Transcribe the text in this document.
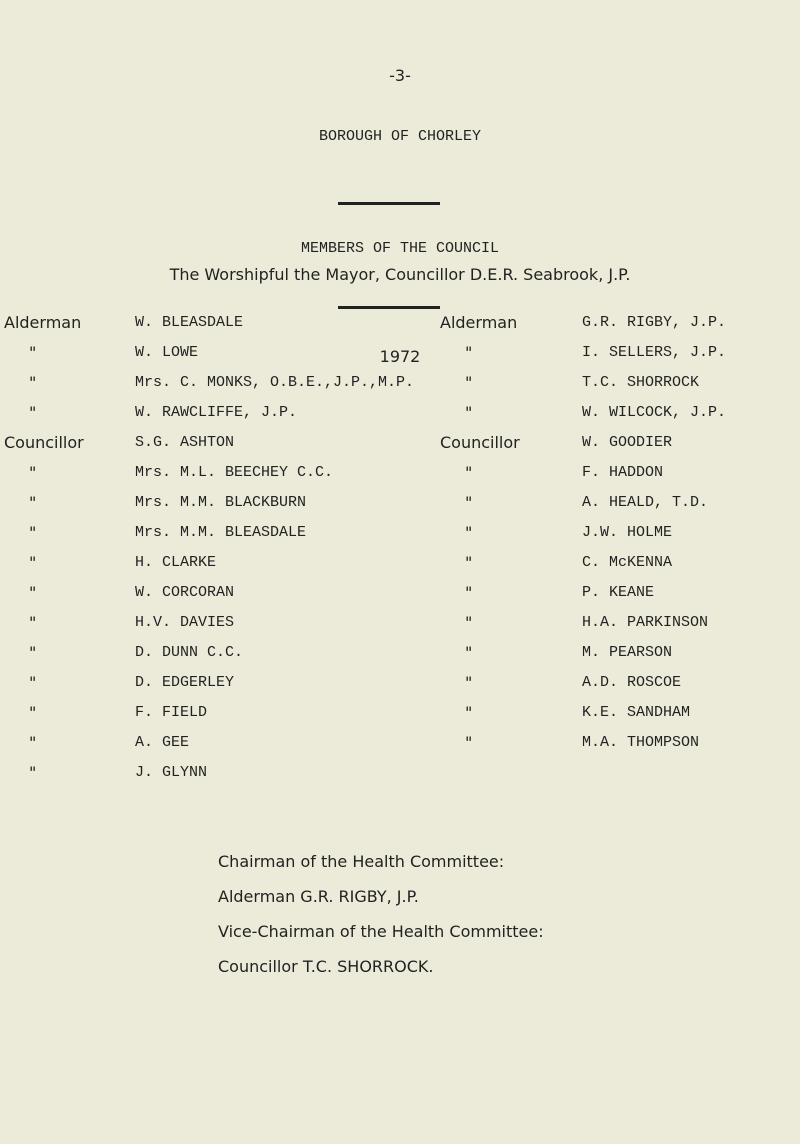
-3-
BOROUGH OF CHORLEY
MEMBERS OF THE COUNCIL
1972
The Worshipful the Mayor, Councillor D.E.R. Seabrook, J.P.
Alderman	W. BLEASDALE
"	W. LOWE
"	Mrs. C. MONKS, O.B.E.,J.P.,M.P.
"	W. RAWCLIFFE, J.P.
Councillor	S.G. ASHTON
"	Mrs. M.L. BEECHEY C.C.
"	Mrs. M.M. BLACKBURN
"	Mrs. M.M. BLEASDALE
"	H. CLARKE
"	W. CORCORAN
"	H.V. DAVIES
"	D. DUNN C.C.
"	D. EDGERLEY
"	F. FIELD
"	A. GEE
"	J. GLYNN
Alderman	G.R. RIGBY, J.P.
"	I. SELLERS, J.P.
"	T.C. SHORROCK
"	W. WILCOCK, J.P.
Councillor	W. GOODIER
"	F. HADDON
"	A. HEALD, T.D.
"	J.W. HOLME
"	C. McKENNA
"	P. KEANE
"	H.A. PARKINSON
"	M. PEARSON
"	A.D. ROSCOE
"	K.E. SANDHAM
"	M.A. THOMPSON
Chairman of the Health Committee:
Alderman G.R. RIGBY, J.P.
Vice-Chairman of the Health Committee:
Councillor T.C. SHORROCK.
